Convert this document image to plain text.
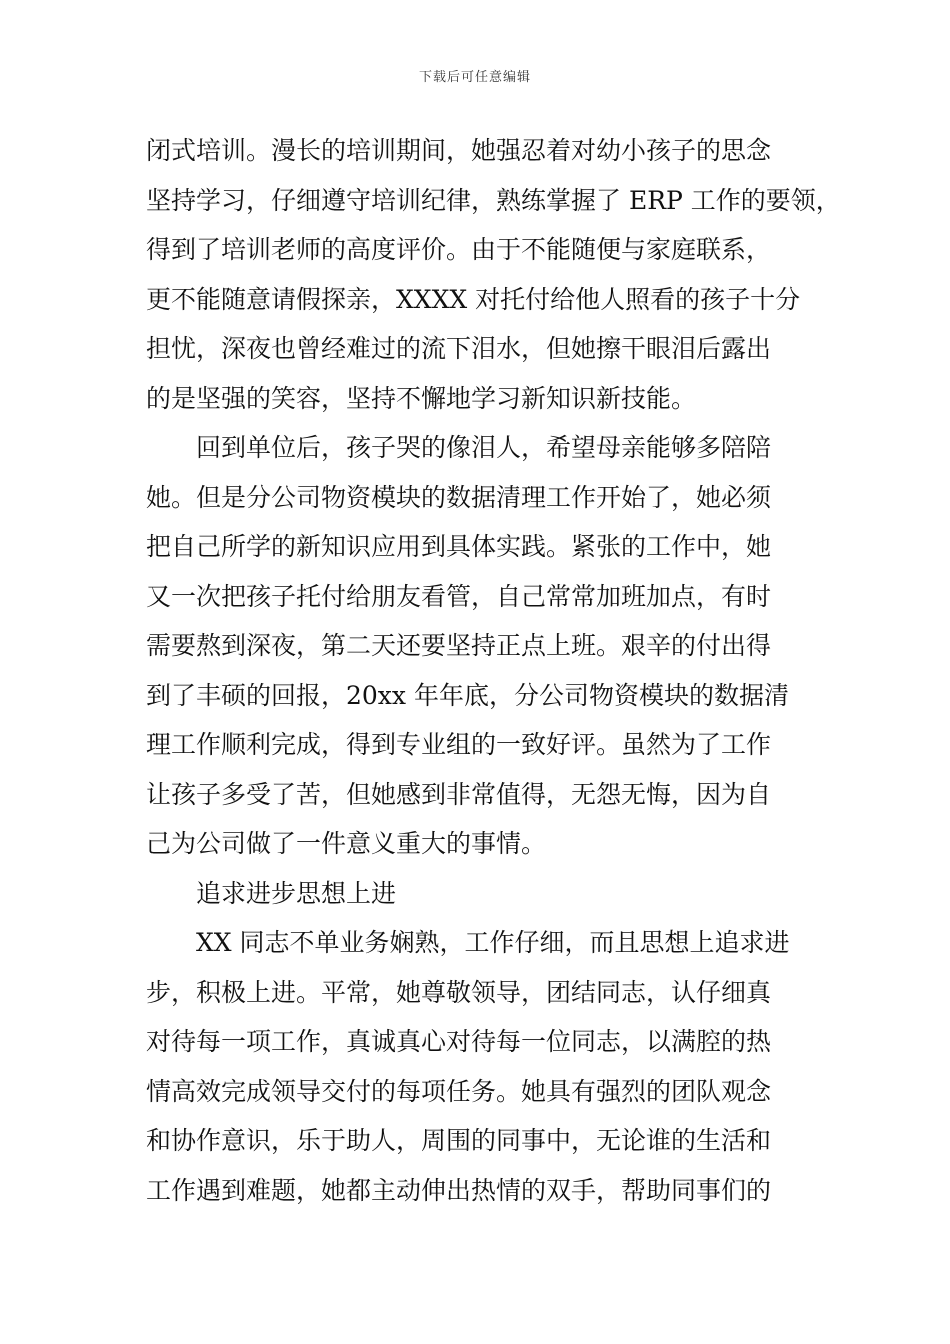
下载后可任意编辑
闭式培训。漫长的培训期间，她强忍着对幼小孩子的思念
坚持学习，仔细遵守培训纪律，熟练掌握了 ERP 工作的要领，
得到了培训老师的高度评价。由于不能随便与家庭联系，
更不能随意请假探亲，XXXX 对托付给他人照看的孩子十分
担忧，深夜也曾经难过的流下泪水，但她擦干眼泪后露出
的是坚强的笑容，坚持不懈地学习新知识新技能。
回到单位后，孩子哭的像泪人，希望母亲能够多陪陪
她。但是分公司物资模块的数据清理工作开始了，她必须
把自己所学的新知识应用到具体实践。紧张的工作中，她
又一次把孩子托付给朋友看管，自己常常加班加点，有时
需要熬到深夜，第二天还要坚持正点上班。艰辛的付出得
到了丰硕的回报，20xx 年年底，分公司物资模块的数据清
理工作顺利完成，得到专业组的一致好评。虽然为了工作
让孩子多受了苦，但她感到非常值得，无怨无悔，因为自
己为公司做了一件意义重大的事情。
追求进步思想上进
XX 同志不单业务娴熟，工作仔细，而且思想上追求进
步，积极上进。平常，她尊敬领导，团结同志，认仔细真
对待每一项工作，真诚真心对待每一位同志，以满腔的热
情高效完成领导交付的每项任务。她具有强烈的团队观念
和协作意识，乐于助人，周围的同事中，无论谁的生活和
工作遇到难题，她都主动伸出热情的双手，帮助同事们的
